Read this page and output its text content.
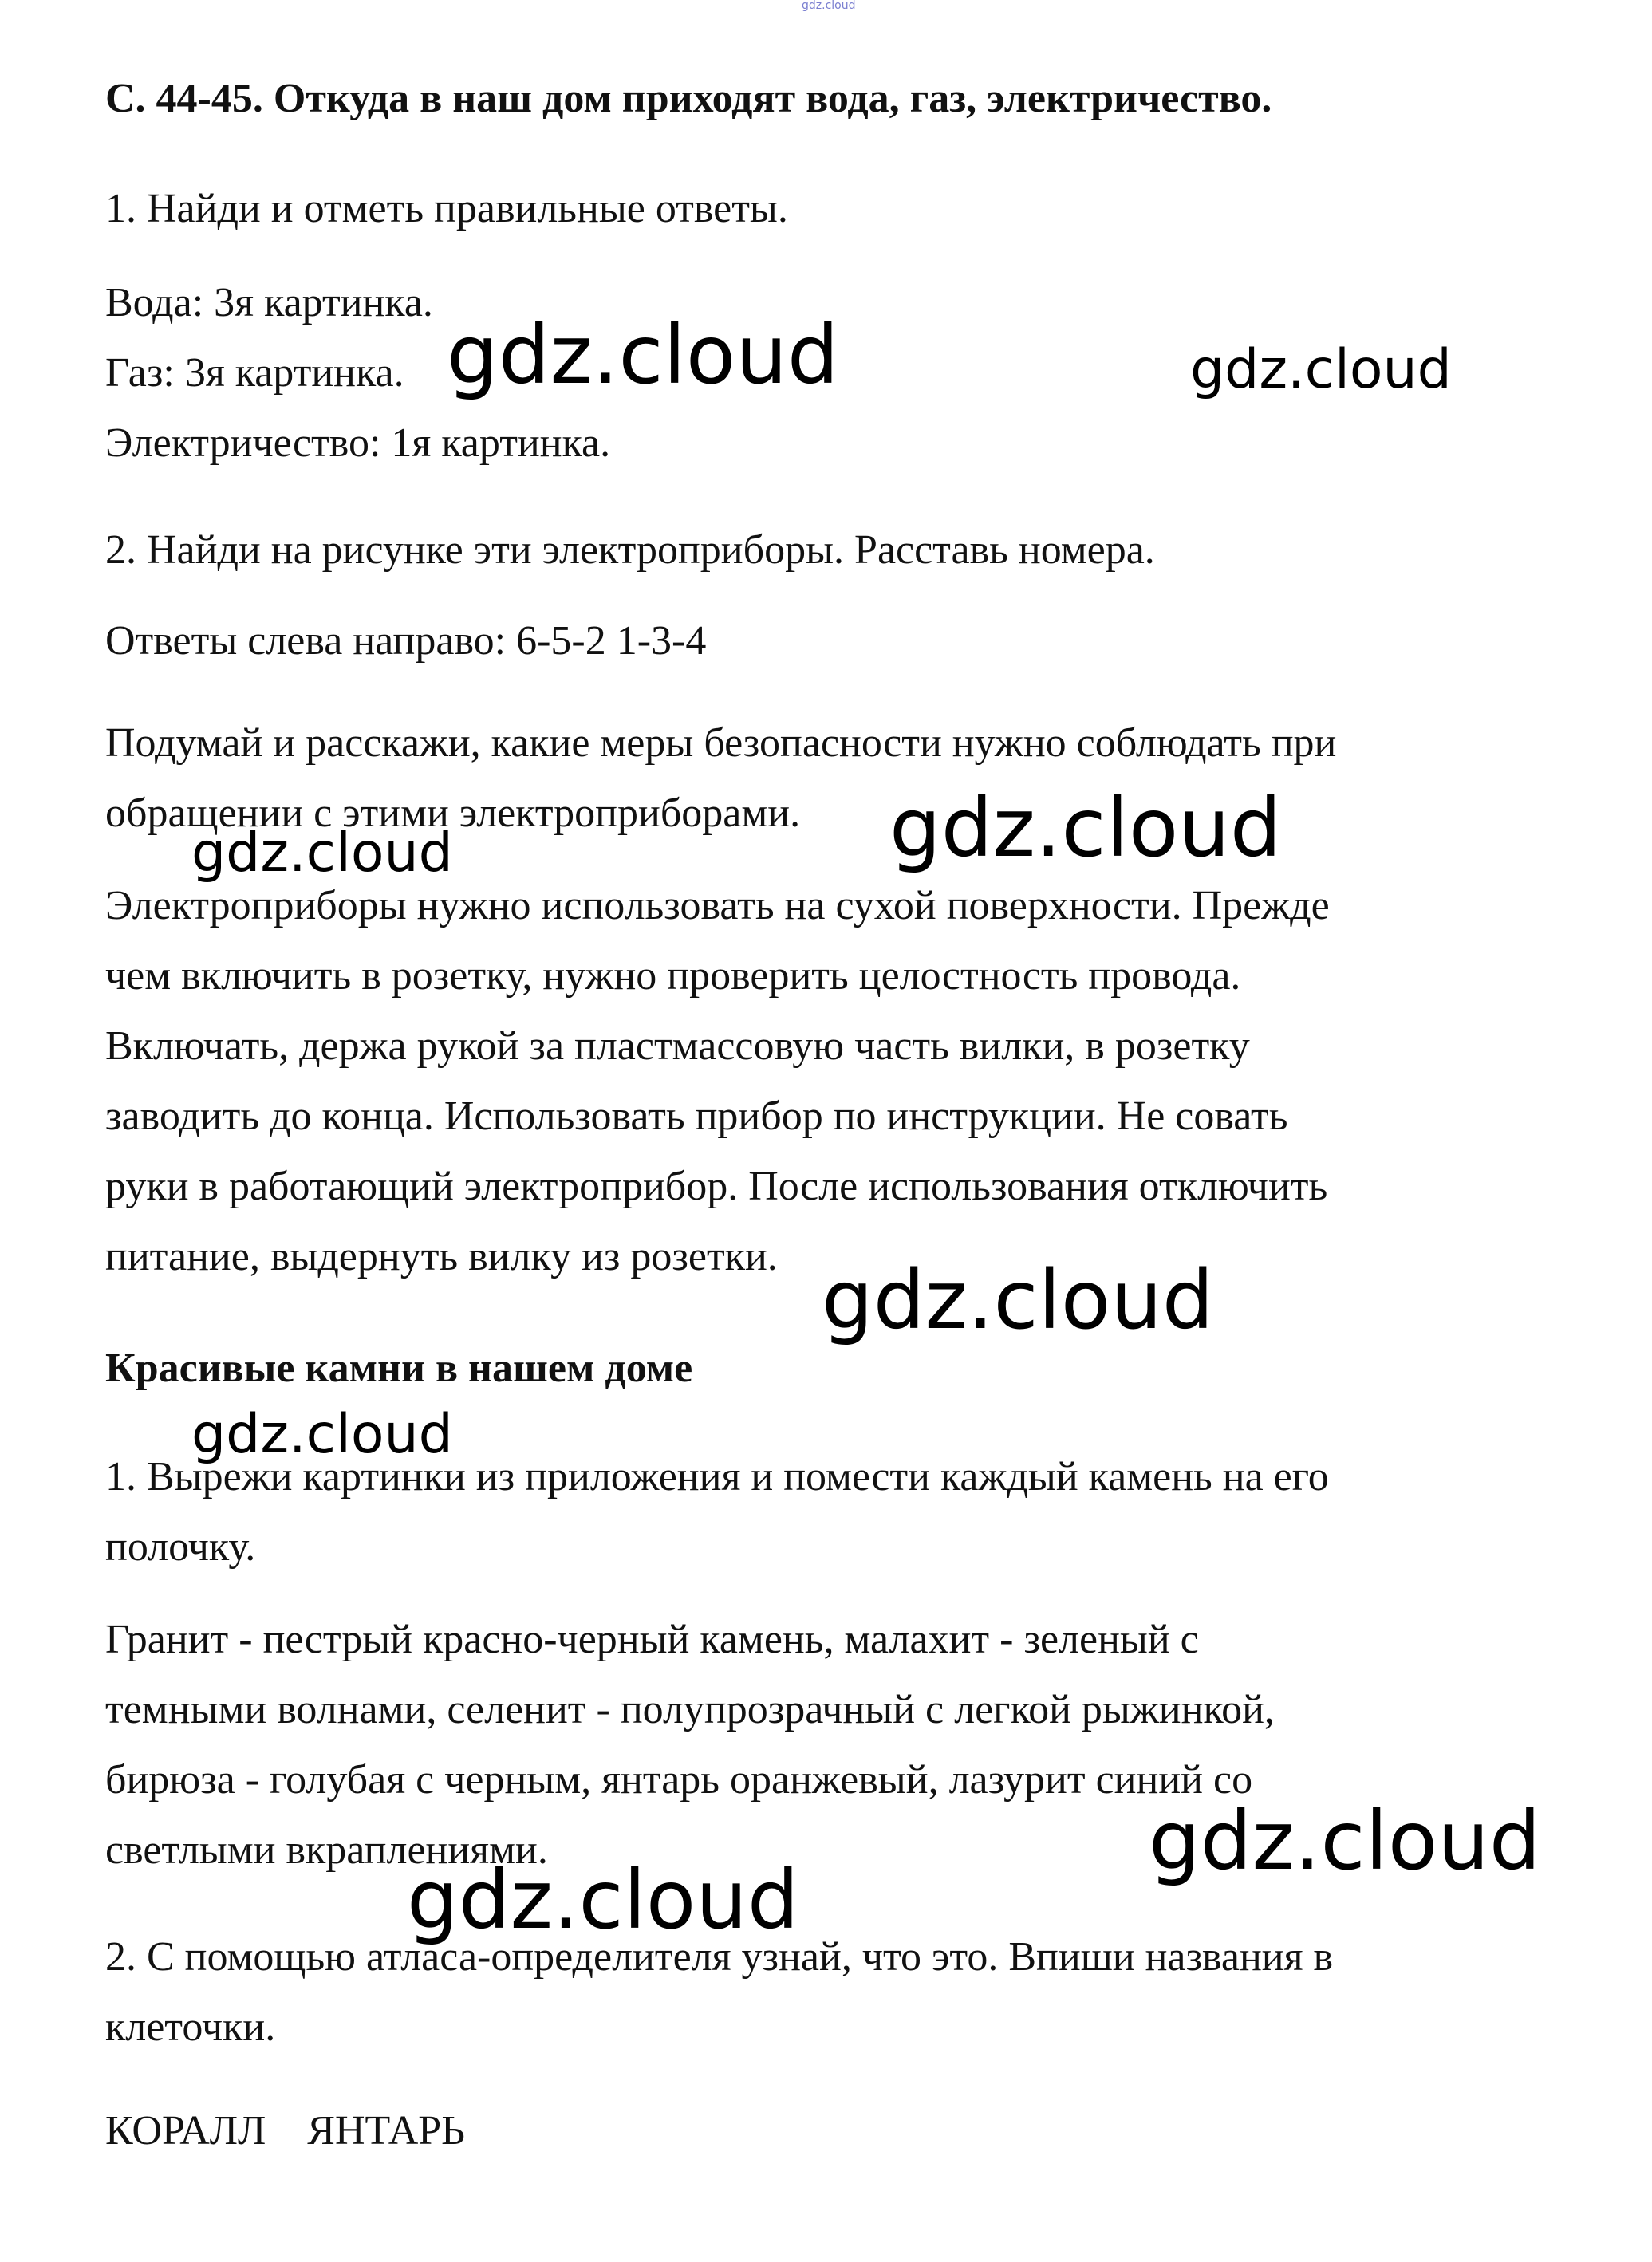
gdz.cloud
С. 44-45. Откуда в наш дом приходят вода, газ, электричество.
1. Найди и отметь правильные ответы.
Вода: 3я картинка.
Газ: 3я картинка.
Электричество: 1я картинка.
2. Найди на рисунке эти электроприборы. Расставь номера.
Ответы слева направо: 6-5-2 1-3-4
Подумай и расскажи, какие меры безопасности нужно соблюдать при
обращении с этими электроприборами.
Электроприборы нужно использовать на сухой поверхности. Прежде
чем включить в розетку, нужно проверить целостность провода.
Включать, держа рукой за пластмассовую часть вилки, в розетку
заводить до конца. Использовать прибор по инструкции. Не совать
руки в работающий электроприбор. После использования отключить
питание, выдернуть вилку из розетки.
Красивые камни в нашем доме
1. Вырежи картинки из приложения и помести каждый камень на его
полочку.
Гранит - пестрый красно-черный камень, малахит - зеленый с
темными волнами, селенит - полупрозрачный с легкой рыжинкой,
бирюза - голубая с черным, янтарь оранжевый, лазурит синий со
светлыми вкраплениями.
2. С помощью атласа-определителя узнай, что это. Впиши названия в
клеточки.
КОРАЛЛ    ЯНТАРЬ
gdz.cloud	gdz.cloud
gdz.cloud
gdz.cloud
gdz.cloud
gdz.cloud
gdz.cloud
gdz.cloud
